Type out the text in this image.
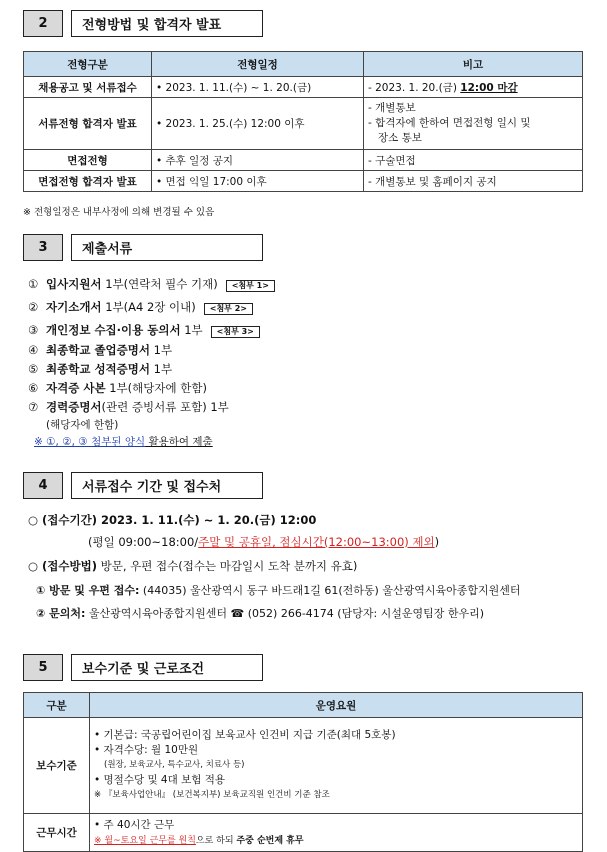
2	전형방법 및 합격자 발표
전형구분	전형일정	비고
채용공고 및 서류접수	• 2023. 1. 11.(수) ~ 1. 20.(금)	- 2023. 1. 20.(금) 12:00 마감
서류전형 합격자 발표	• 2023. 1. 25.(수) 12:00 이후	- 개별통보
- 합격자에 한하여 면접전형 일시 및
장소 통보

면접전형	• 추후 일정 공지	- 구술면접
면접전형 합격자 발표	• 면접 익일 17:00 이후	- 개별통보 및 홈페이지 공지
※ 전형일정은 내부사정에 의해 변경될 수 있음
3	제출서류
① 입사지원서 1부(연락처 필수 기재) <첨부 1>
② 자기소개서 1부(A4 2장 이내) <첨부 2>
③ 개인정보 수집·이용 동의서 1부 <첨부 3>
④ 최종학교 졸업증명서 1부
⑤ 최종학교 성적증명서 1부
⑥ 자격증 사본 1부(해당자에 한함)
⑦ 경력증명서(관련 증빙서류 포함) 1부
(해당자에 한함)
※ ①, ②, ③ 첨부된 양식 활용하여 제출
4	서류접수 기간 및 접수처
○ (접수기간) 2023. 1. 11.(수) ~ 1. 20.(금) 12:00
(평일 09:00~18:00/주말 및 공휴일, 점심시간(12:00~13:00) 제외)
○ (접수방법) 방문, 우편 접수(접수는 마감일시 도착 분까지 유효)
① 방문 및 우편 접수: (44035) 울산광역시 동구 바드래1길 61(전하동) 울산광역시육아종합지원센터
② 문의처: 울산광역시육아종합지원센터 ☎ (052) 266-4174 (담당자: 시설운영팀장 한우리)
5	보수기준 및 근로조건
구분	운영요원
보수기준	• 기본급: 국공립어린이집 보육교사 인건비 지급 기준(최대 5호봉)
• 자격수당: 월 10만원
(원장, 보육교사, 특수교사, 치료사 등)
• 명절수당 및 4대 보험 적용
※ 『보육사업안내』 (보건복지부) 보육교직원 인건비 기준 참조

근무시간	• 주 40시간 근무
※ 월~토요일 근무를 원칙으로 하되 주중 순번제 휴무
